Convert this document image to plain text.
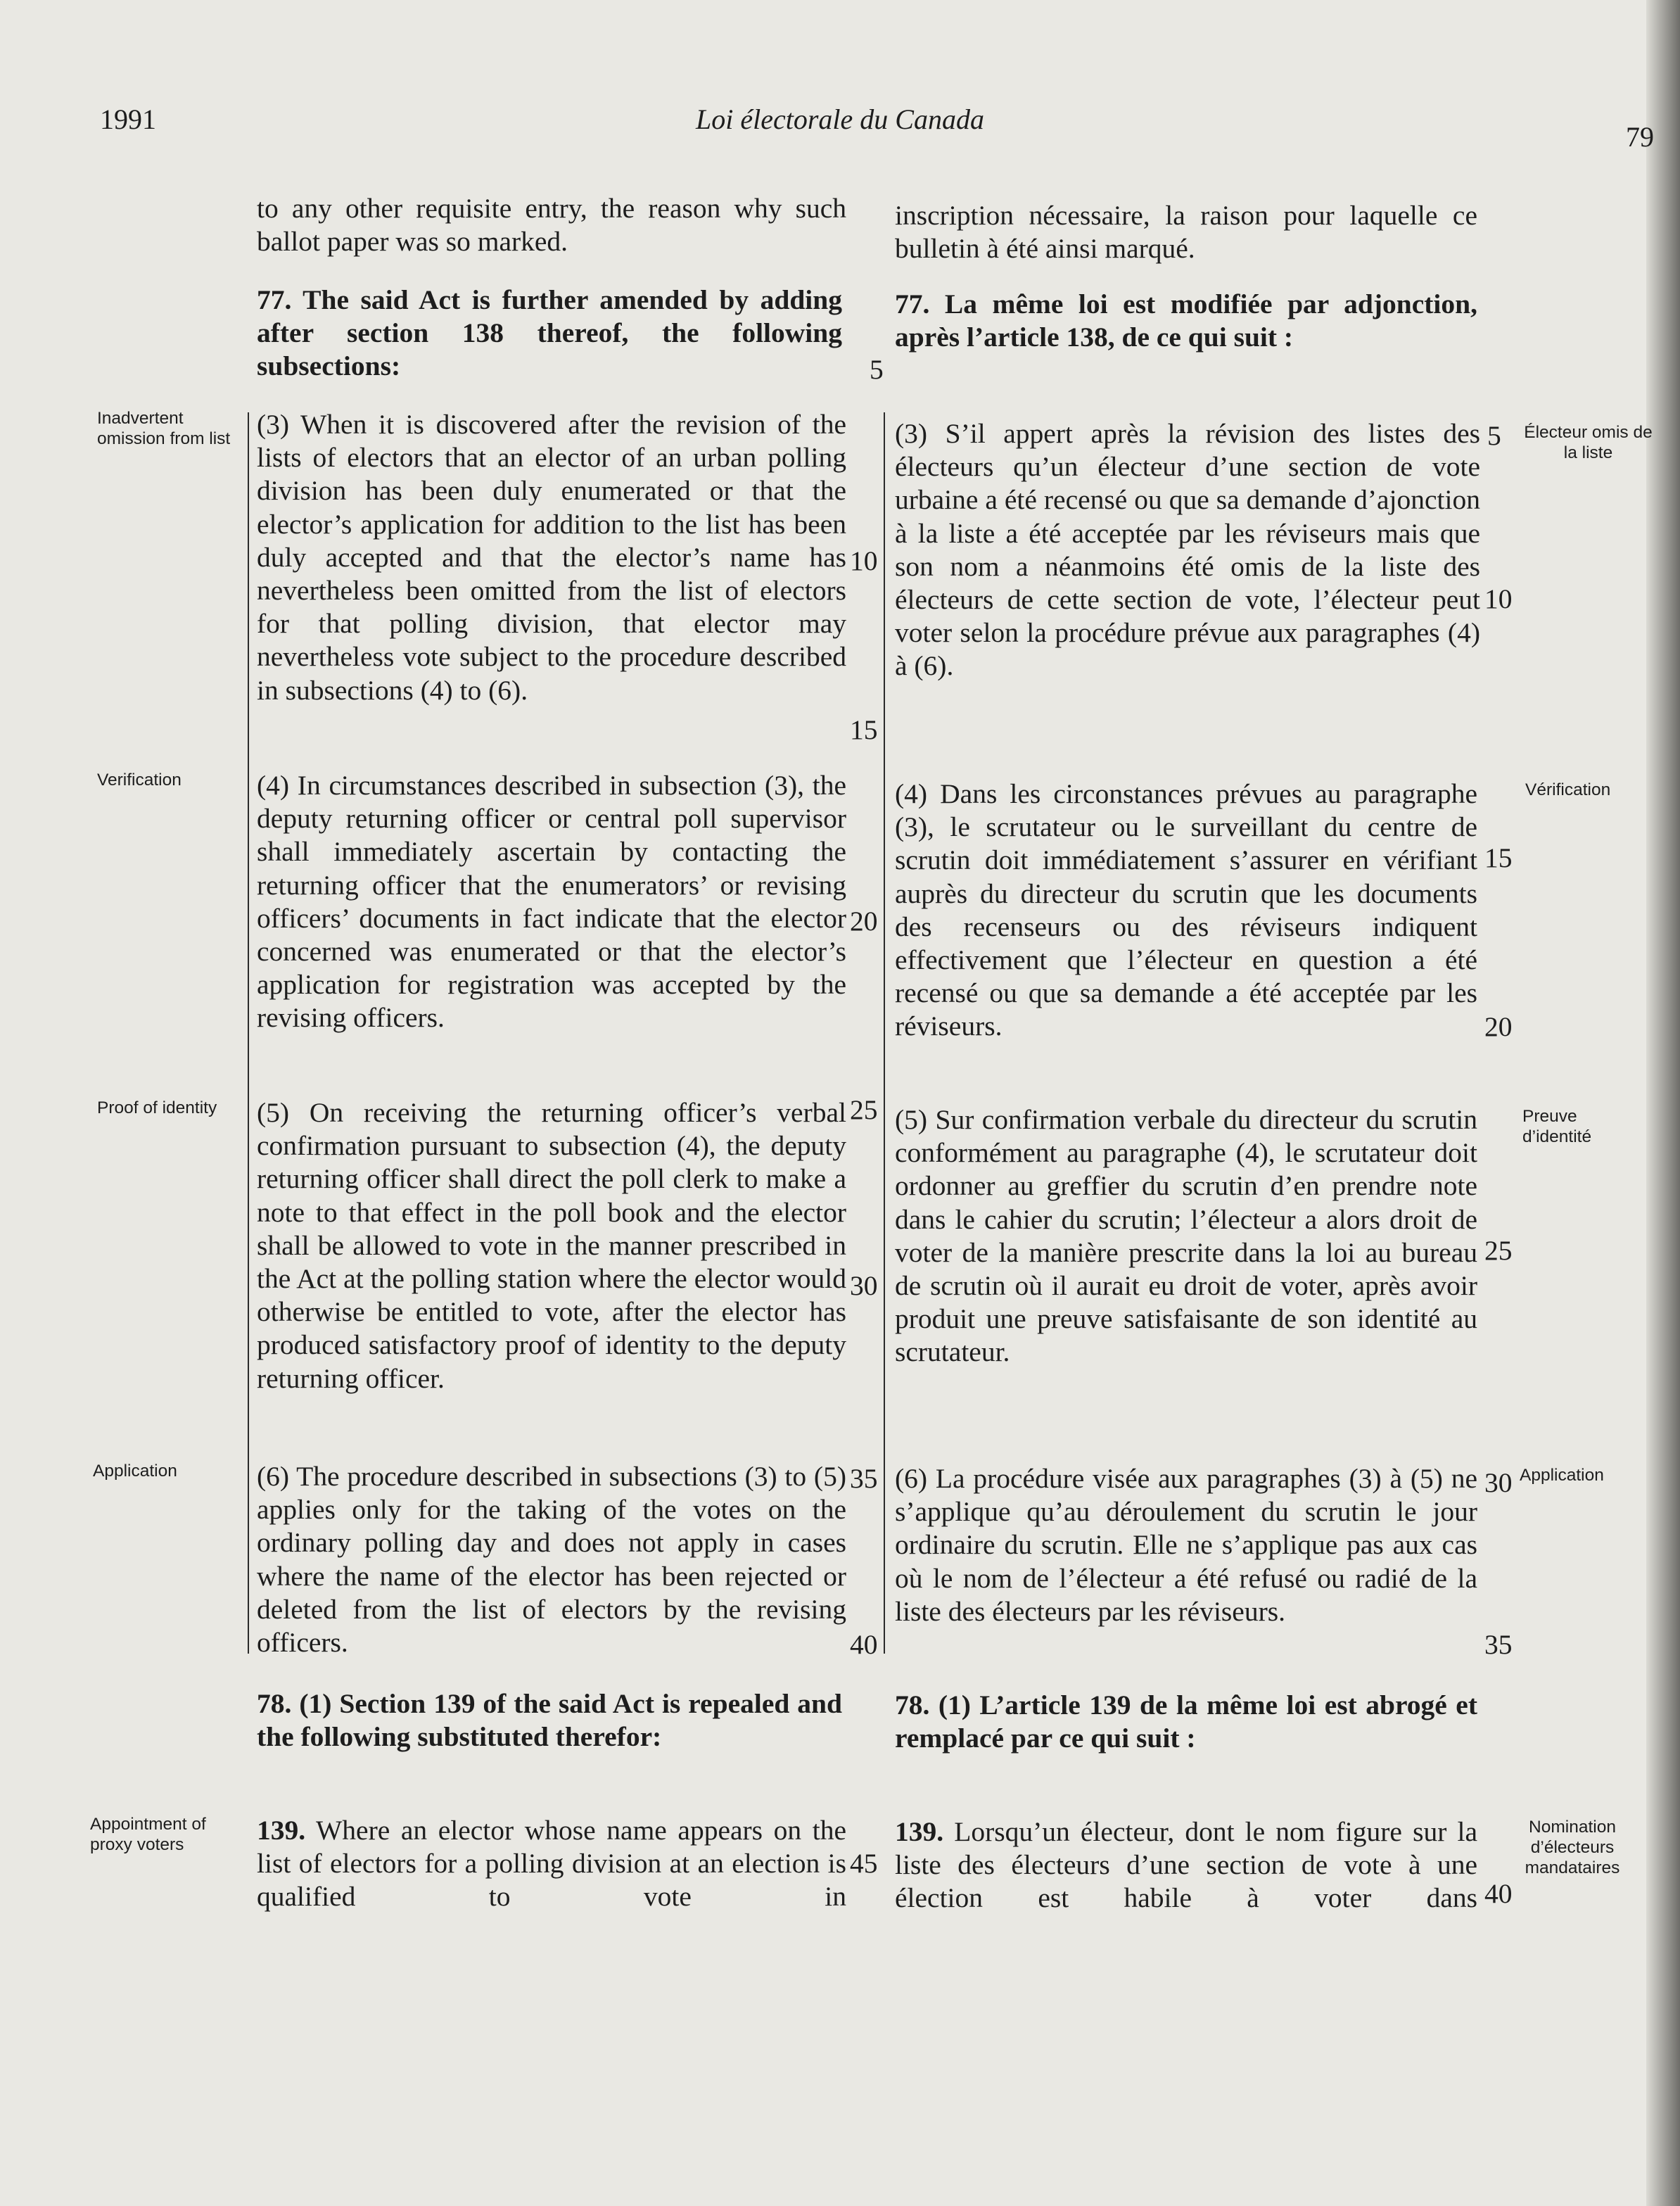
1991	Loi électorale du Canada
79

to any other requisite entry, the reason why such ballot paper was so marked.

77. The said Act is further amended by adding after section 138 thereof, the following subsections:

(3) When it is discovered after the revision of the lists of electors that an elector of an urban polling division has been duly enumerated or that the elector’s application for addition to the list has been duly accepted and that the elector’s name has nevertheless been omitted from the list of electors for that polling division, that elector may nevertheless vote subject to the procedure described in subsections (4) to (6).

(4) In circumstances described in subsection (3), the deputy returning officer or central poll supervisor shall immediately ascertain by contacting the returning officer that the enumerators’ or revising officers’ documents in fact indicate that the elector concerned was enumerated or that the elector’s application for registration was accepted by the revising officers.

(5) On receiving the returning officer’s verbal confirmation pursuant to subsection (4), the deputy returning officer shall direct the poll clerk to make a note to that effect in the poll book and the elector shall be allowed to vote in the manner prescribed in the Act at the polling station where the elector would otherwise be entitled to vote, after the elector has produced satisfactory proof of identity to the deputy returning officer.

(6) The procedure described in subsections (3) to (5) applies only for the taking of the votes on the ordinary polling day and does not apply in cases where the name of the elector has been rejected or deleted from the list of electors by the revising officers.

78. (1) Section 139 of the said Act is repealed and the following substituted therefor:

139. Where an elector whose name appears on the list of electors for a polling division at an election is qualified to vote in

inscription nécessaire, la raison pour laquelle ce bulletin à été ainsi marqué.

77. La même loi est modifiée par adjonction, après l’article 138, de ce qui suit :

(3) S’il appert après la révision des listes des électeurs qu’un électeur d’une section de vote urbaine a été recensé ou que sa demande d’ajonction à la liste a été acceptée par les réviseurs mais que son nom a néanmoins été omis de la liste des électeurs de cette section de vote, l’électeur peut voter selon la procédure prévue aux paragraphes (4) à (6).

(4) Dans les circonstances prévues au paragraphe (3), le scrutateur ou le surveillant du centre de scrutin doit immédiatement s’assurer en vérifiant auprès du directeur du scrutin que les documents des recenseurs ou des réviseurs indiquent effectivement que l’électeur en question a été recensé ou que sa demande a été acceptée par les réviseurs.

(5) Sur confirmation verbale du directeur du scrutin conformément au paragraphe (4), le scrutateur doit ordonner au greffier du scrutin d’en prendre note dans le cahier du scrutin; l’électeur a alors droit de voter de la manière prescrite dans la loi au bureau de scrutin où il aurait eu droit de voter, après avoir produit une preuve satisfaisante de son identité au scrutateur.

(6) La procédure visée aux paragraphes (3) à (5) ne s’applique qu’au déroulement du scrutin le jour ordinaire du scrutin. Elle ne s’applique pas aux cas où le nom de l’électeur a été refusé ou radié de la liste des électeurs par les réviseurs.

78. (1) L’article 139 de la même loi est abrogé et remplacé par ce qui suit :

139. Lorsqu’un électeur, dont le nom figure sur la liste des électeurs d’une section de vote à une élection est habile à voter dans

5
10
15
20
25
30
35
40
45
5
10
15
20
25
30
35
40

Inadvertent omission from list

Verification

Proof of identity

Application

Appointment of proxy voters

Électeur omis de la liste

Vérification

Preuve d’identité

Application

Nomination d’électeurs mandataires
